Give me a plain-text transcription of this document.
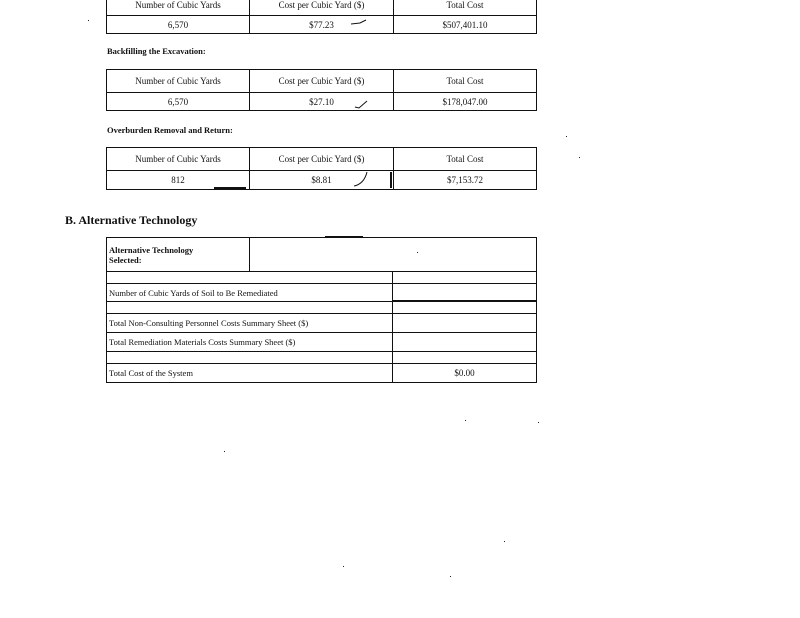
Number of Cubic Yards	Cost per Cubic Yard ($)	Total Cost
6,570	$77.23	$507,401.10
Backfilling the Excavation:
Number of Cubic Yards	Cost per Cubic Yard ($)	Total Cost
6,570	$27.10	$178,047.00
Overburden Removal and Return:
Number of Cubic Yards	Cost per Cubic Yard ($)	Total Cost
812	$8.81	$7,153.72
B. Alternative Technology
Alternative Technology
Selected:		

Number of Cubic Yards of Soil to Be Remediated		

Total Non-Consulting Personnel Costs Summary Sheet ($)		
Total Remediation Materials Costs Summary Sheet ($)		

Total Cost of the System		$0.00
